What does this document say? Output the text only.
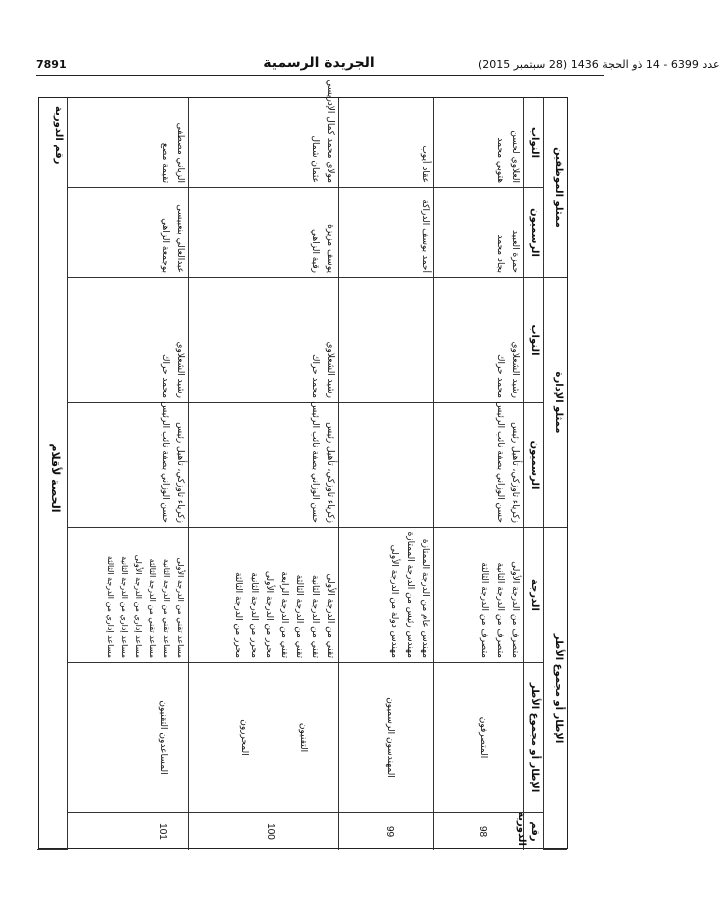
عدد 6399 - 14 ذو الحجة 1436 (28 سبتمبر 2015)
الجريدة الرسمية
7891
رقم الدورية
ممثلو الموظفين
ممثلو الإدارة
الإطار أو مجموع الأطر
النواب
الرسميون
النواب
الرسميون
الدرجة
الإطار أو مجموع الأطر
رقم الدورية
العلاوي لحسن
هتوبي محمد
حمزة العبيد
بجاد محمد
رشيد الشعلاوي
محمد حراك
زكرياء تاوزكي، تأهيل رئيس
حسن الوزاني بصفة نائب الرئيس
متصرف من الدرجة الأولى
متصرف من الدرجة الثانية
متصرف من الدرجة الثالثة
المتصرفون
98
عقاد أيوب
أحمد بوسف الدراكة
مهندس عام من الدرجة الممتازة
مهندس رئيس من الدرجة الممتازة
مهندس دولة من الدرجة الأولى
المهندسون الرسميون
99
مولاي محمد كمال الإدريسي
عثمان شمال
يوسف مزيزة
رقية الزاهي
رشيد الشعلاوي
محمد حراك
زكرياء تاوزكي، تأهيل رئيس
حسن الوزاني بصفة نائب الرئيس
تقني من الدرجة الأولى
تقني من الدرجة الثانية
تقني من الدرجة الثالثة
تقني من الدرجة الرابعة
محرر من الدرجة الأولى
محرر من الدرجة الثانية
محرر من الدرجة الثالثة
التقنيون
المحررون
100
الزياني مصطفى
تقيمة مصع
عبدالعالي بنعبيسى
بوجمعة الزاهي
رشيد الشعلاوي
محمد حراك
زكرياء تاوزكي، تأهيل رئيس
حسن الوزاني بصفة نائب الرئيس
مساعد تقني من الدرجة الأولى
مساعد تقني من الدرجة الثانية
مساعد تقني من الدرجة الثالثة
مساعد إداري من الدرجة الأولى
مساعد إداري من الدرجة الثانية
مساعد إداري من الدرجة الثالثة
المساعدون التقنيون
101
الحصة لأقلام
